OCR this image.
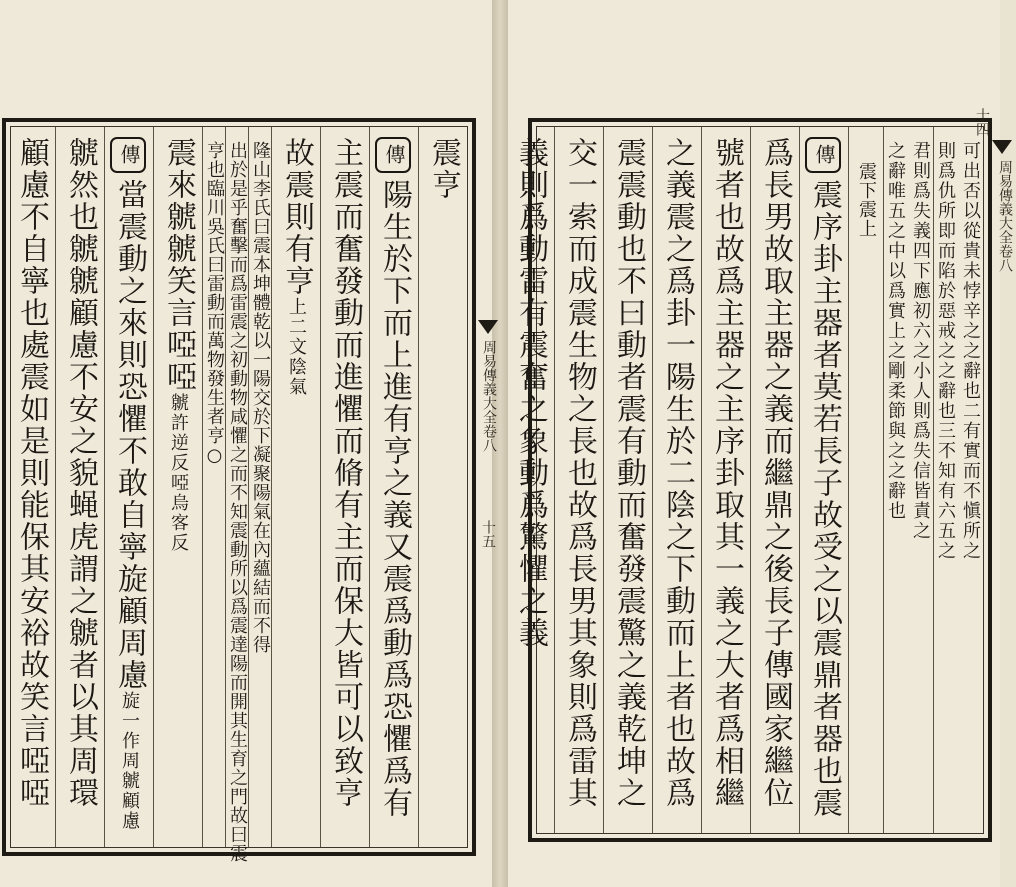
震亨
傳陽生於下而上進有亨之義又震爲動爲恐懼爲有
主震而奮發動而進懼而脩有主而保大皆可以致亨
故震則有亨上二文陰氣
隆山李氏曰震本坤體乾以一陽交於下凝聚陽氣在內蘊結而不得
出於是乎奮擊而爲雷震之初動物咸懼之而不知震動所以爲震達陽而開其生育之門故曰震
亨也臨川吳氏曰雷動而萬物發生者亨○
震來虩虩笑言啞啞虩許逆反啞烏客反
傳當震動之來則恐懼不敢自寧旋顧周慮旋一作周虩顧慮
虩然也虩虩顧慮不安之貌蝇虎謂之虩者以其周環
顧慮不自寧也處震如是則能保其安裕故笑言啞啞	可出否以從貴未悖辛之之辭也二有實而不愼所之
則爲仇所即而陷於惡戒之之辭也三不知有六五之
君則爲失義四下應初六之小人則爲失信皆責之
之辭唯五之中以爲實上之剛柔節與之之辭也
震下震上
傳震序卦主器者莫若長子故受之以震鼎者器也震
爲長男故取主器之義而繼鼎之後長子傳國家繼位
號者也故爲主器之主序卦取其一義之大者爲相繼
之義震之爲卦一陽生於二陰之下動而上者也故爲
震震動也不曰動者震有動而奮發震驚之義乾坤之
交一索而成震生物之長也故爲長男其象則爲雷其
義則爲動雷有震奮之象動爲驚懼之義
周易傳義大全卷八
十五
周易傳義大全卷八
十四
